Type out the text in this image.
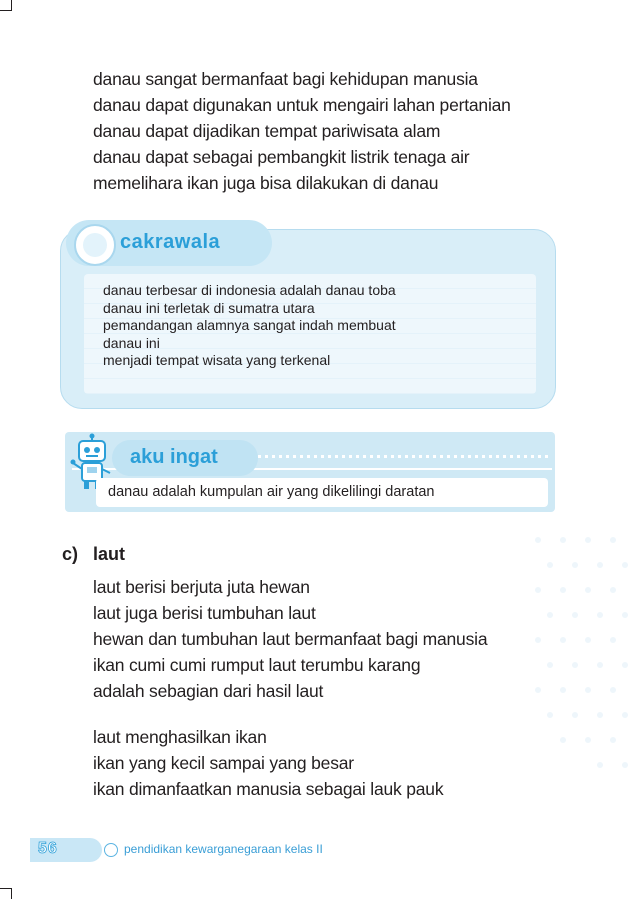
danau sangat bermanfaat bagi kehidupan manusia
danau dapat digunakan untuk mengairi lahan pertanian
danau dapat dijadikan tempat pariwisata alam
danau dapat sebagai pembangkit listrik tenaga air
memelihara ikan juga bisa dilakukan di danau
cakrawala
danau terbesar di indonesia adalah danau toba
danau ini terletak di sumatra utara
pemandangan alamnya sangat indah membuat
danau ini
menjadi tempat wisata yang terkenal
aku ingat
danau adalah kumpulan air yang dikelilingi daratan
c) laut
laut berisi berjuta juta hewan
laut juga berisi tumbuhan laut
hewan dan tumbuhan laut bermanfaat bagi manusia
ikan cumi cumi rumput laut terumbu karang
adalah sebagian dari hasil laut
laut menghasilkan ikan
ikan yang kecil sampai yang besar
ikan dimanfaatkan manusia sebagai lauk pauk
56	pendidikan kewarganegaraan kelas II
